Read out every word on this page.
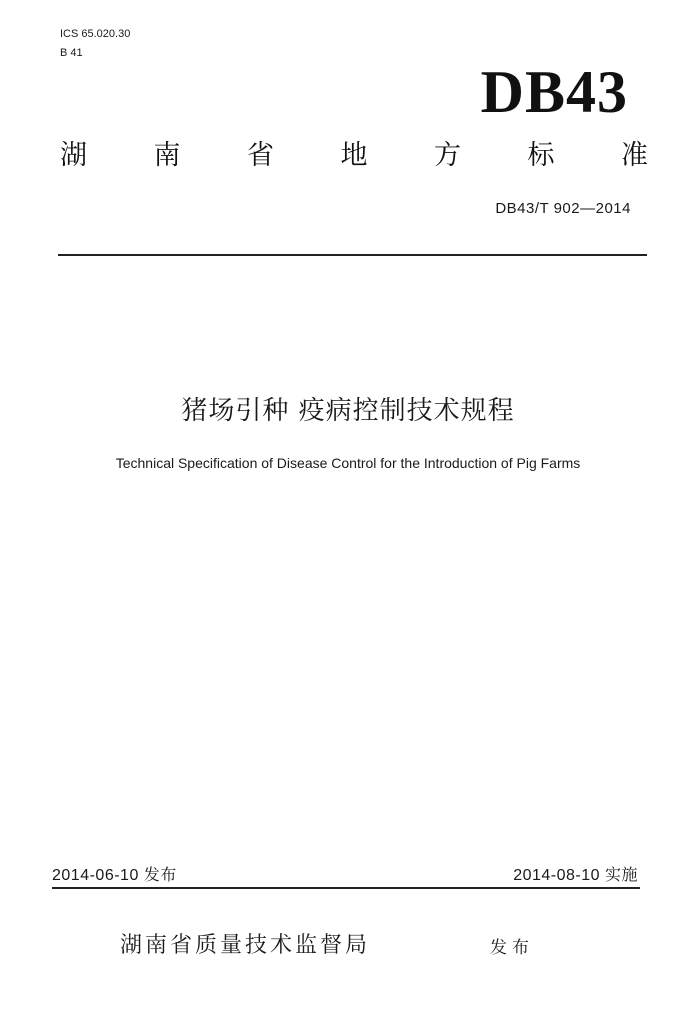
ICS 65.020.30
B 41
DB43
湖 南 省 地 方 标 准
DB43/T 902—2014
猪场引种 疫病控制技术规程
Technical Specification of Disease Control for the Introduction of Pig Farms
2014-06-10 发布	2014-08-10 实施
湖南省质量技术监督局	发布
